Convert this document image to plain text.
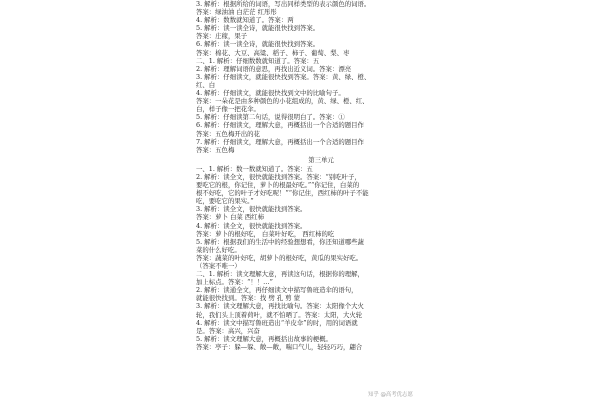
3. 解析：根据所给的词语，写出同样类型的表示颜色的词语。
答案：绿油油 白茫茫 红彤彤
4. 解析：数数就知道了。答案：两
5. 解析：读一读全诗，就能很快找到答案。
答案：庄稼，果子
6. 解析：读一读全诗，就能很快找到答案。
答案：棉花、大豆、高粱、稻子、柿子、葡萄、梨、枣
二、1. 解析：仔细数数就知道了。答案：五
2. 解析：理解词语的意思，再找出近义词。答案：漂亮
3. 解析：仔细读文，就能很快找到答案。答案：黄、绿、橙、
红、白
4. 解析：仔细读文，就能很快找到文中的比喻句子。
答案：一朵花是由多种颜色的小花组成的，黄、绿、橙、红、
白，样子像一把花伞。
5. 解析：仔细读第二句话，说得很明白了。答案：①
6. 解析：仔细读文，理解大意，再概括出一个合适的题目作
答案：五色梅开出的花
7. 解析：仔细读文，理解大意，再概括出一个合适的题目作
答案：五色梅
第三单元
一、1. 解析：数一数就知道了。答案：五
2. 解析：读全文，很快就能找到答案。答案：“别吃叶子，
要吃它的根，你记住，萝卜的根最好吃。”“你记住，白菜的
根不好吃，它的叶子才好吃呢！”“你记住，西红柿的叶子不能
吃，要吃它的果实。”
3. 解析：读全文，很快就能找到答案。
答案：萝卜 白菜 西红柿
4. 解析：读全文，很快就能找到答案。
答案：萝卜的根好吃， 白菜叶好吃， 西红柿的吃
5. 解析：根据我们的生活中的经验想想看，你还知道哪些蔬
菜的什么好吃。
答案：蔬菜的叶好吃，胡萝卜的根好吃，黄瓜的果实好吃。
（答案不唯一）
二、1. 解析：读文理解大意，再读这句话，根据你的理解，
加上标点。答案：“！！…”
2. 解析：读通全文，再仔细读文中描写鲁班造伞的语句，
就能很快找到。答案：找 劈 孔 剪 蒙
3. 解析：读文理解大意，再找比喻句。答案：太阳像个大火
轮，我们头上顶着荷叶，就不怕晒了。答案：太阳，大火轮
4. 解析：读文中描写鲁班造出“羊皮伞”的时，用的词语就
是。答案：高兴，兴奋
5. 解析：读文理解大意，再概括出故事的梗概。
答案：亭子：躲—躲、敞—敞，喘口气儿，轻轻巧巧，翩合
知乎 @高考优志愿
